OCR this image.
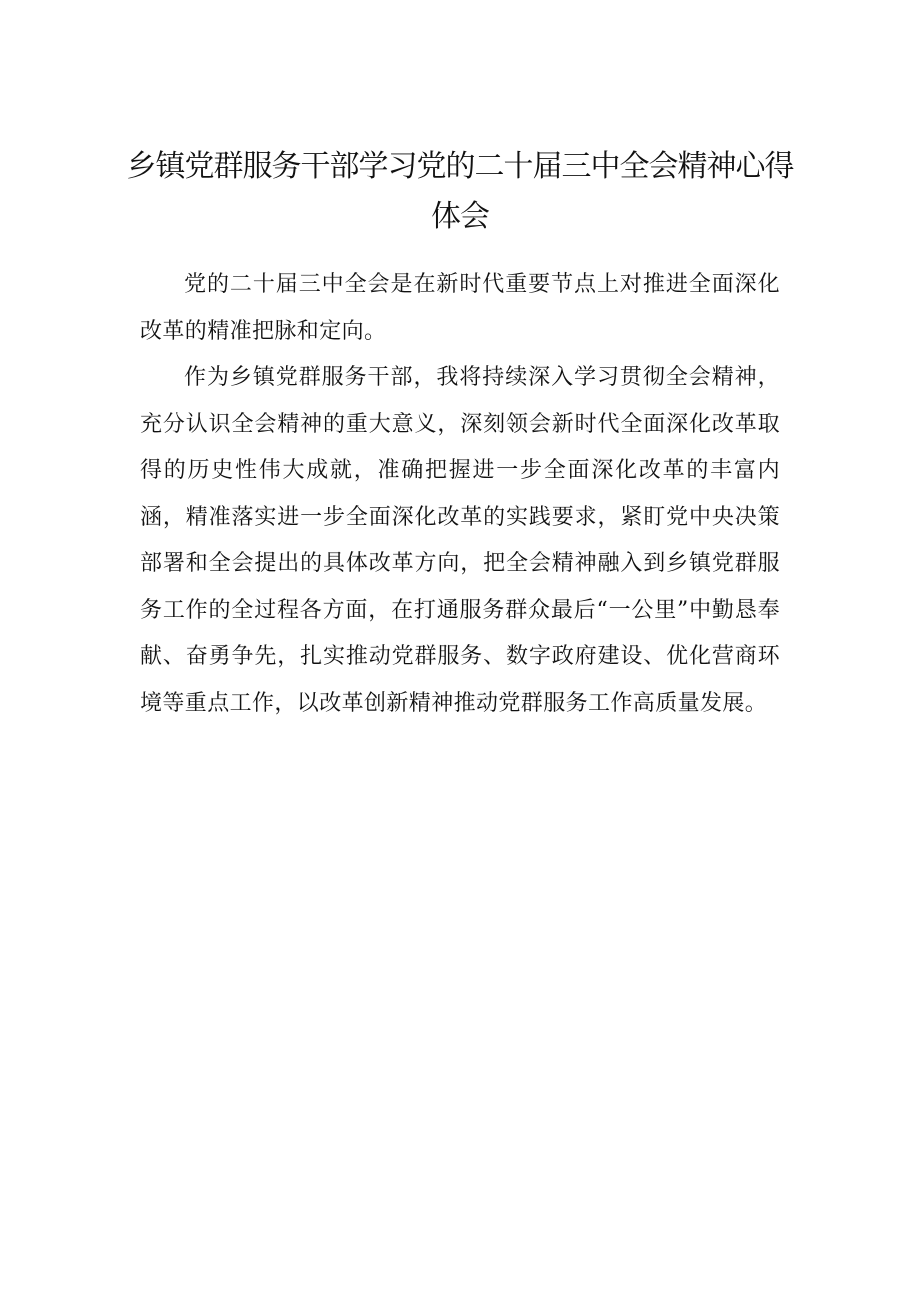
乡镇党群服务干部学习党的二十届三中全会精神心得体会

党的二十届三中全会是在新时代重要节点上对推进全面深化改革的精准把脉和定向。

作为乡镇党群服务干部，我将持续深入学习贯彻全会精神，充分认识全会精神的重大意义，深刻领会新时代全面深化改革取得的历史性伟大成就，准确把握进一步全面深化改革的丰富内涵，精准落实进一步全面深化改革的实践要求，紧盯党中央决策部署和全会提出的具体改革方向，把全会精神融入到乡镇党群服务工作的全过程各方面，在打通服务群众最后“一公里”中勤恳奉献、奋勇争先，扎实推动党群服务、数字政府建设、优化营商环境等重点工作，以改革创新精神推动党群服务工作高质量发展。
